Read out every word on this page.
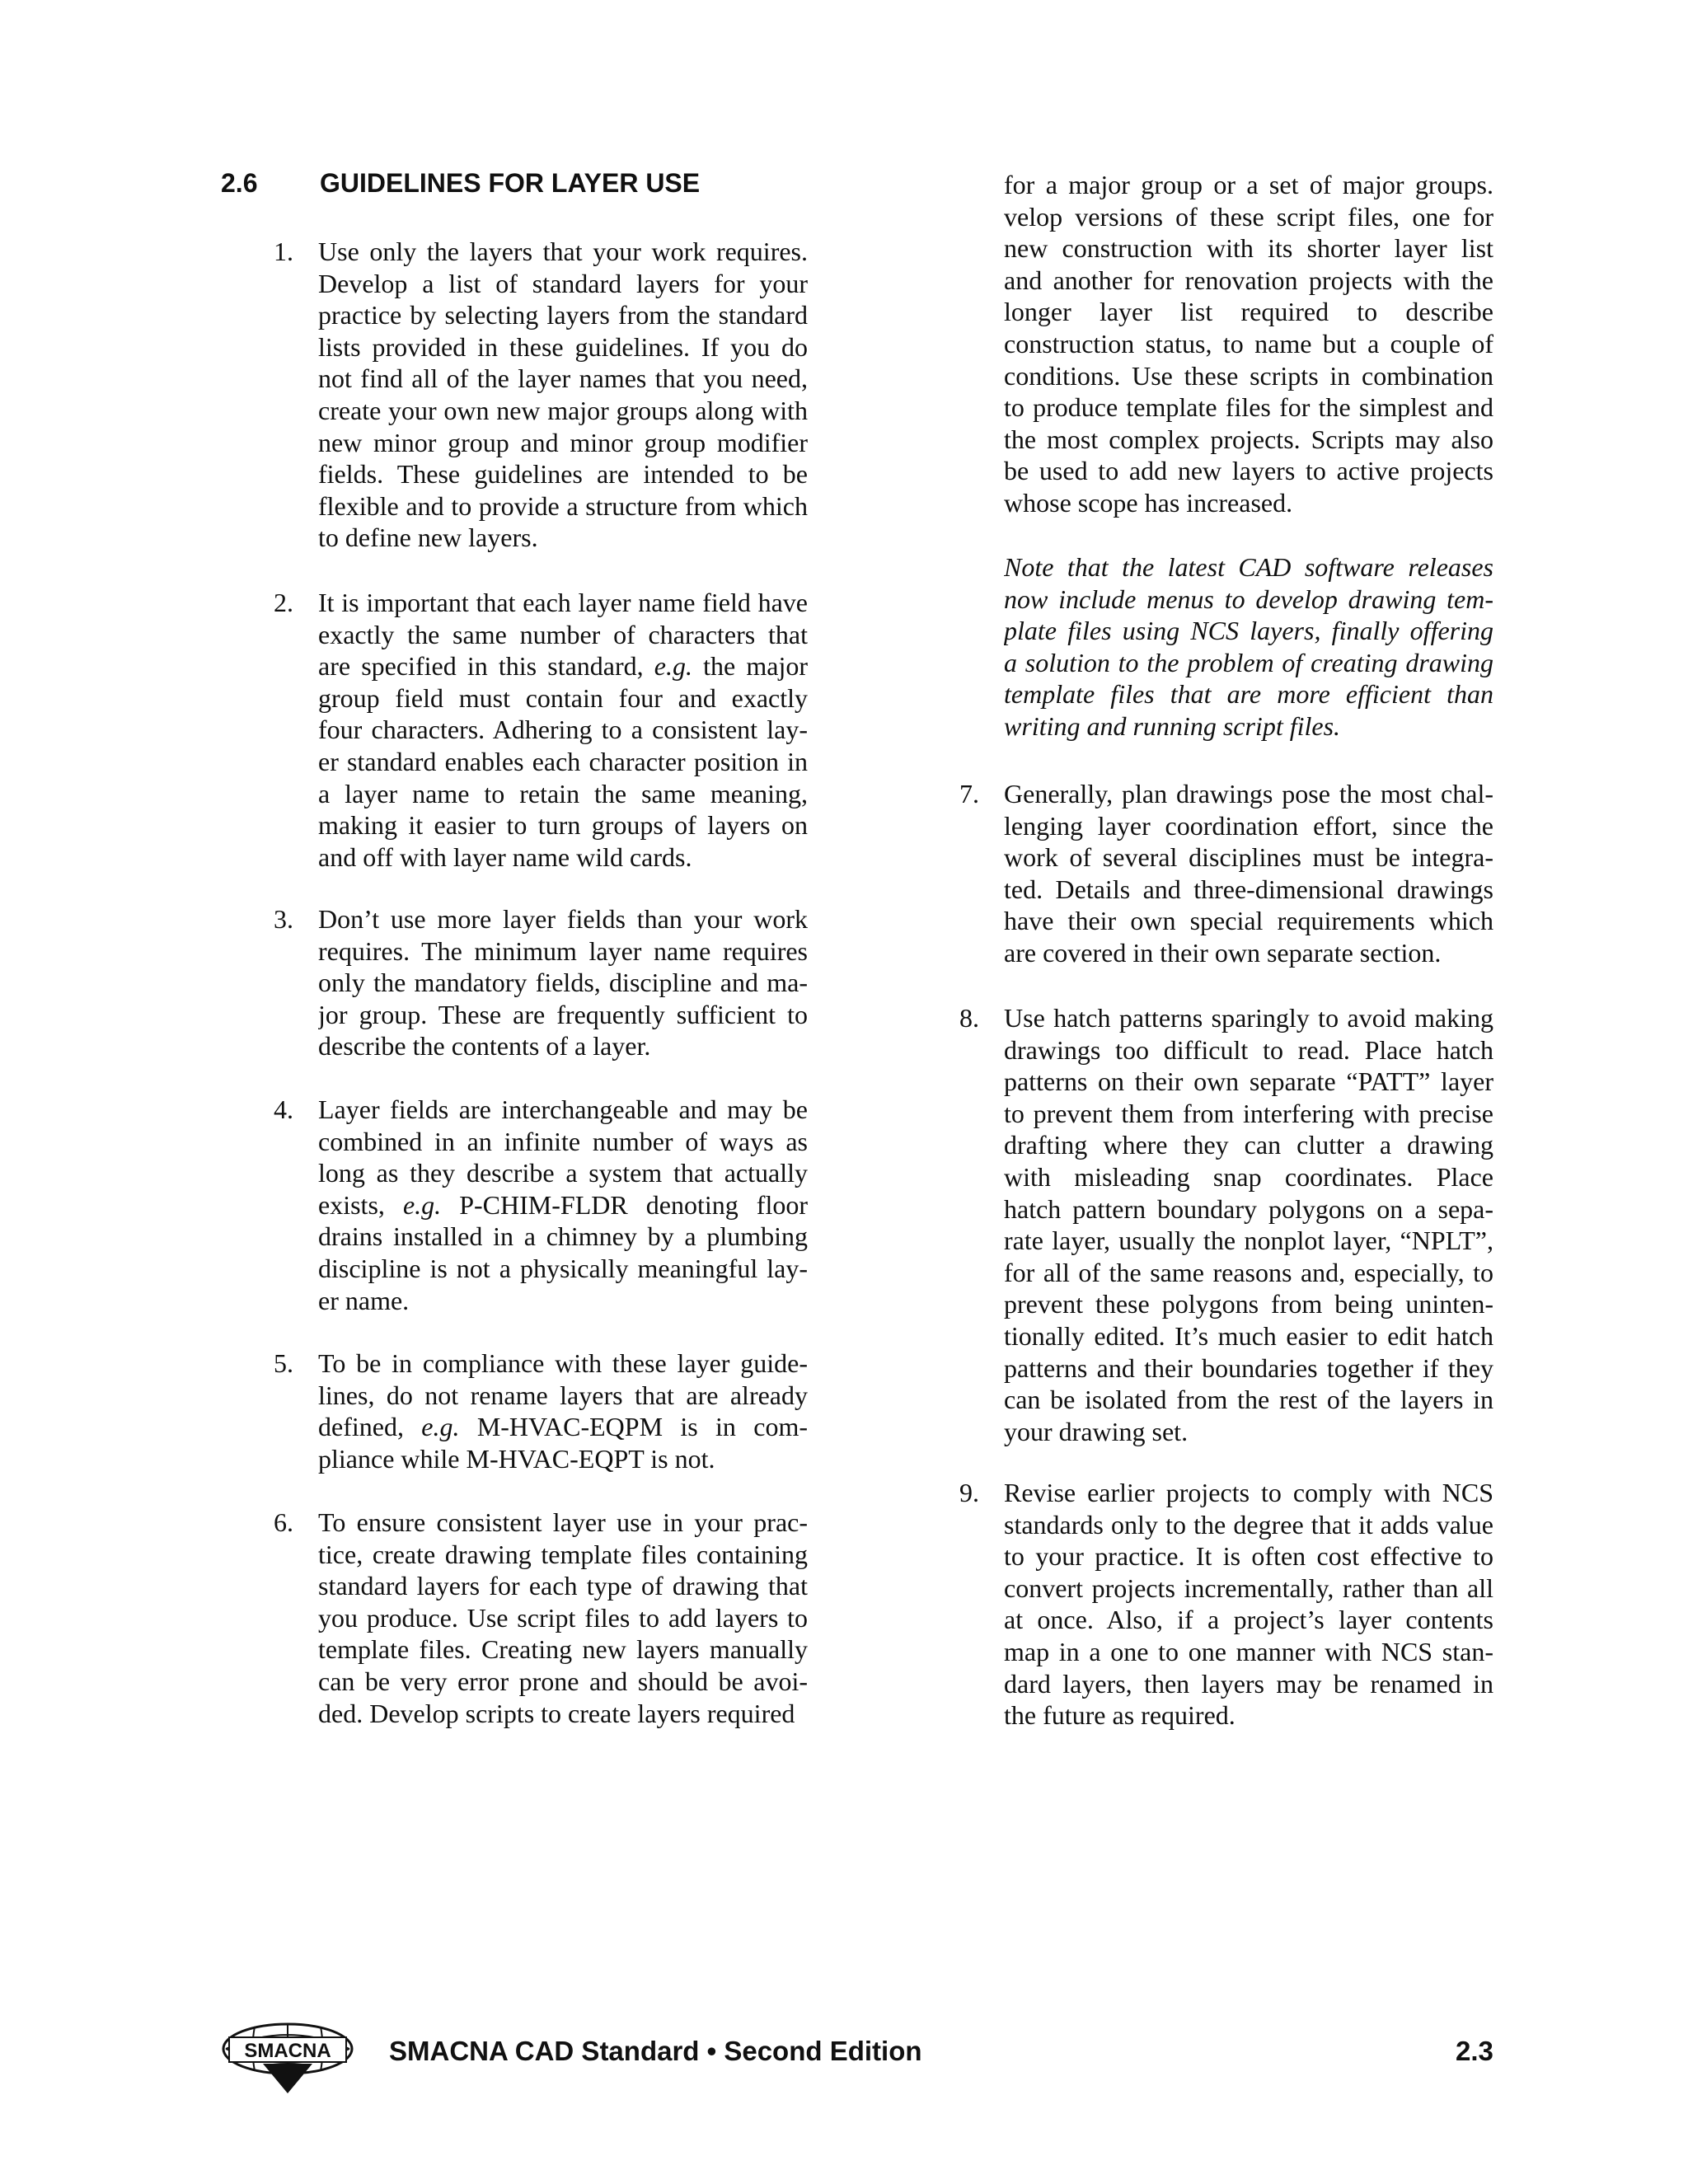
2.6 GUIDELINES FOR LAYER USE
1. Use only the layers that your work requires.
Develop a list of standard layers for your
practice by selecting layers from the standard
lists provided in these guidelines. If you do
not find all of the layer names that you need,
create your own new major groups along with
new minor group and minor group modifier
fields. These guidelines are intended to be
flexible and to provide a structure from which
to define new layers.
2. It is important that each layer name field have
exactly the same number of characters that
are specified in this standard, e.g. the major
group field must contain four and exactly
four characters. Adhering to a consistent lay-
er standard enables each character position in
a layer name to retain the same meaning,
making it easier to turn groups of layers on
and off with layer name wild cards.
3. Don’t use more layer fields than your work
requires. The minimum layer name requires
only the mandatory fields, discipline and ma-
jor group. These are frequently sufficient to
describe the contents of a layer.
4. Layer fields are interchangeable and may be
combined in an infinite number of ways as
long as they describe a system that actually
exists, e.g. P-CHIM-FLDR denoting floor
drains installed in a chimney by a plumbing
discipline is not a physically meaningful lay-
er name.
5. To be in compliance with these layer guide-
lines, do not rename layers that are already
defined, e.g. M-HVAC-EQPM is in com-
pliance while M-HVAC-EQPT is not.
6. To ensure consistent layer use in your prac-
tice, create drawing template files containing
standard layers for each type of drawing that
you produce. Use script files to add layers to
template files. Creating new layers manually
can be very error prone and should be avoi-
ded. Develop scripts to create layers required
for a major group or a set of major groups.
velop versions of these script files, one for
new construction with its shorter layer list
and another for renovation projects with the
longer layer list required to describe
construction status, to name but a couple of
conditions. Use these scripts in combination
to produce template files for the simplest and
the most complex projects. Scripts may also
be used to add new layers to active projects
whose scope has increased.
Note that the latest CAD software releases
now include menus to develop drawing tem-
plate files using NCS layers, finally offering
a solution to the problem of creating drawing
template files that are more efficient than
writing and running script files.
7. Generally, plan drawings pose the most chal-
lenging layer coordination effort, since the
work of several disciplines must be integra-
ted. Details and three-dimensional drawings
have their own special requirements which
are covered in their own separate section.
8. Use hatch patterns sparingly to avoid making
drawings too difficult to read. Place hatch
patterns on their own separate “PATT” layer
to prevent them from interfering with precise
drafting where they can clutter a drawing
with misleading snap coordinates. Place
hatch pattern boundary polygons on a sepa-
rate layer, usually the nonplot layer, “NPLT”,
for all of the same reasons and, especially, to
prevent these polygons from being uninten-
tionally edited. It’s much easier to edit hatch
patterns and their boundaries together if they
can be isolated from the rest of the layers in
your drawing set.
9. Revise earlier projects to comply with NCS
standards only to the degree that it adds value
to your practice. It is often cost effective to
convert projects incrementally, rather than all
at once. Also, if a project’s layer contents
map in a one to one manner with NCS stan-
dard layers, then layers may be renamed in
the future as required.
SMACNA SMACNA CAD Standard • Second Edition	2.3
